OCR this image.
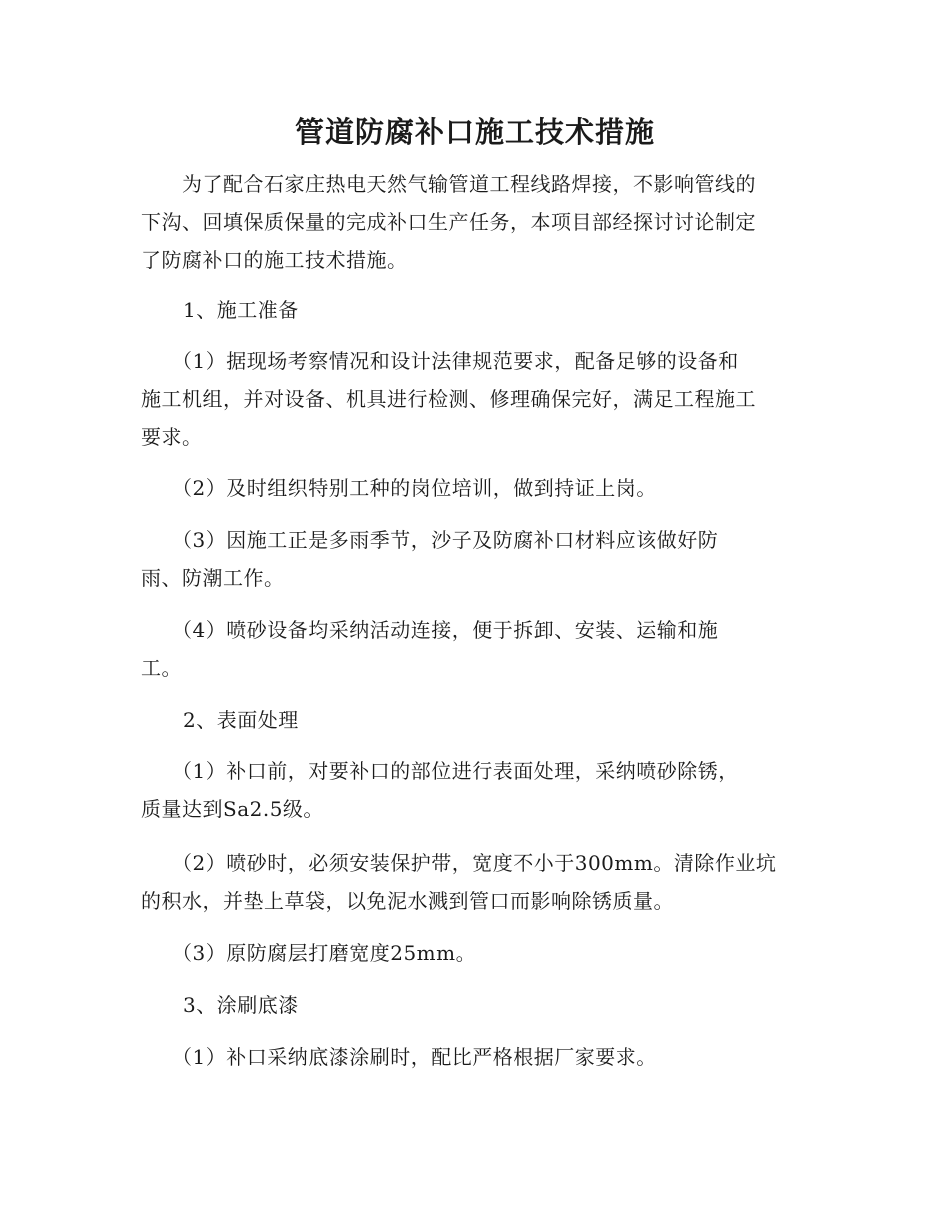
管道防腐补口施工技术措施

　　为了配合石家庄热电天然气输管道工程线路焊接，不影响管线的
下沟、回填保质保量的完成补口生产任务，本项目部经探讨讨论制定
了防腐补口的施工技术措施。

1、施工准备

　　（1）据现场考察情况和设计法律规范要求，配备足够的设备和
施工机组，并对设备、机具进行检测、修理确保完好，满足工程施工
要求。

　　（2）及时组织特别工种的岗位培训，做到持证上岗。

　　（3）因施工正是多雨季节，沙子及防腐补口材料应该做好防
雨、防潮工作。

　　（4）喷砂设备均采纳活动连接，便于拆卸、安装、运输和施
工。

2、表面处理

　　（1）补口前，对要补口的部位进行表面处理，采纳喷砂除锈，
质量达到Sa2.5级。

　　（2）喷砂时，必须安装保护带，宽度不小于300mm。清除作业坑
的积水，并垫上草袋，以免泥水溅到管口而影响除锈质量。

　　（3）原防腐层打磨宽度25mm。

3、涂刷底漆

　　（1）补口采纳底漆涂刷时，配比严格根据厂家要求。
